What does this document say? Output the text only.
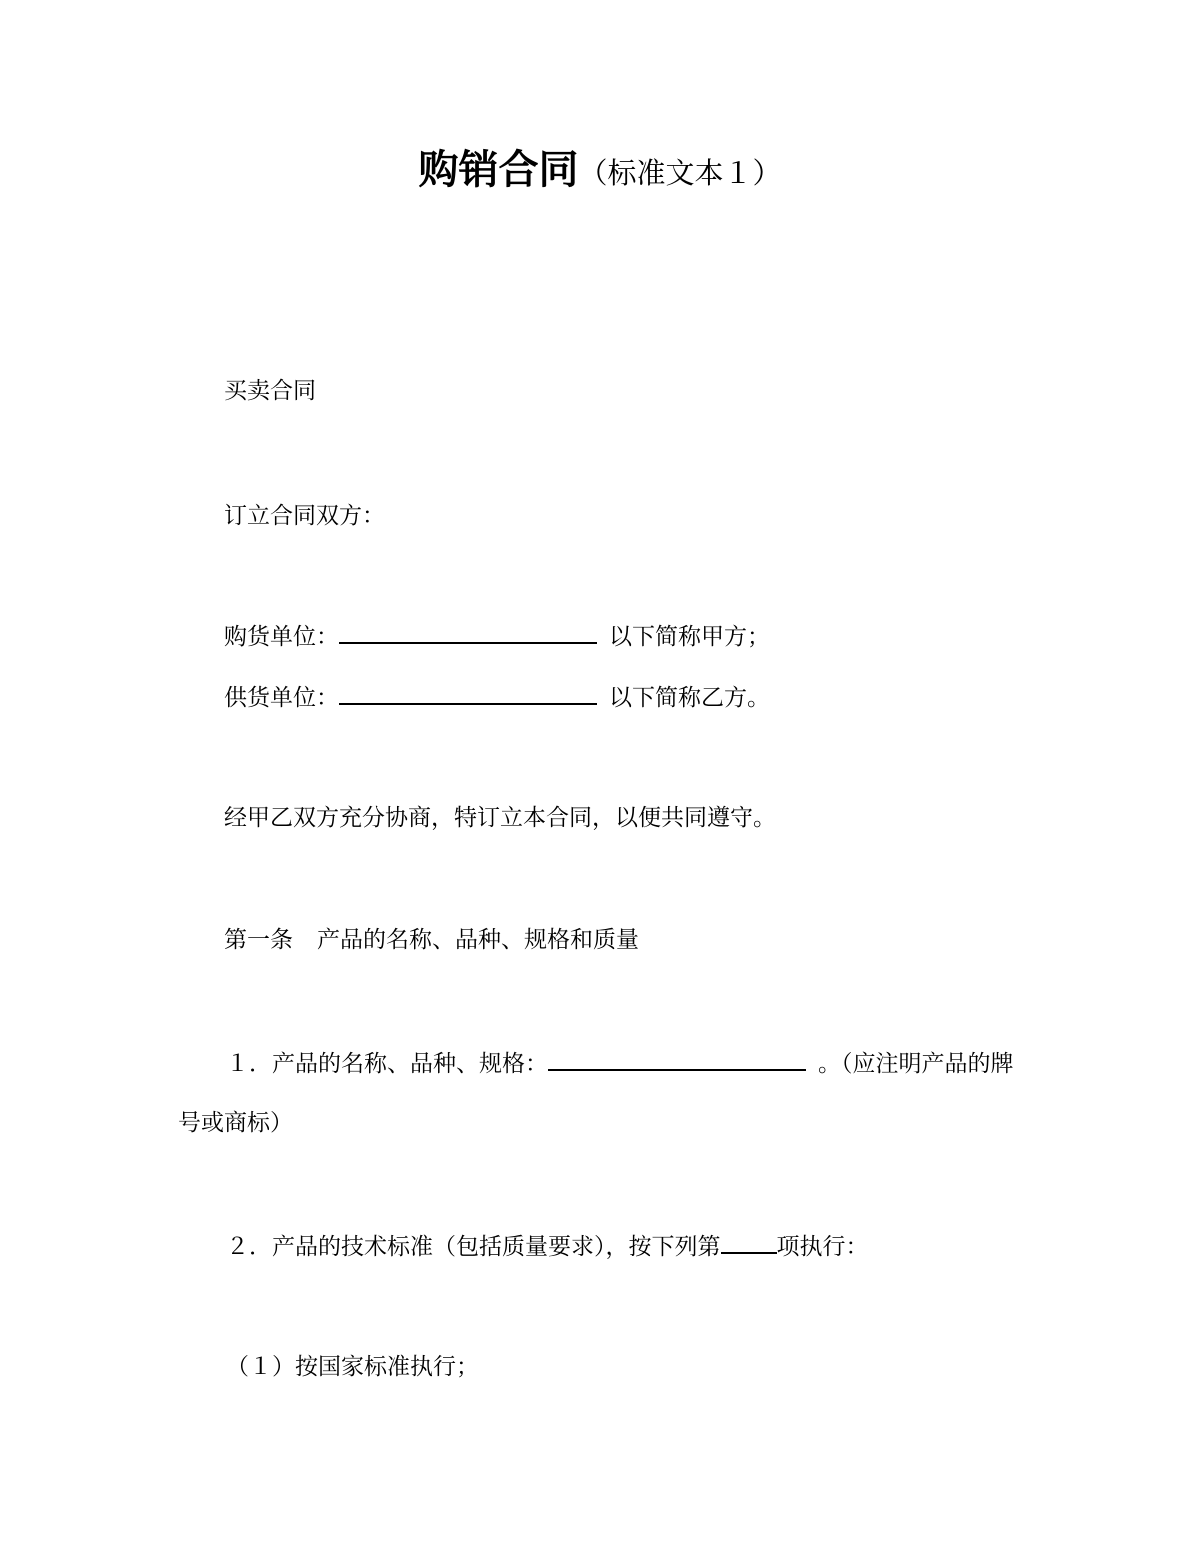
购销合同（标准文本１）
买卖合同
订立合同双方：
购货单位：	以下简称甲方；
供货单位：	以下简称乙方。
经甲乙双方充分协商，特订立本合同，以便共同遵守。
第一条 产品的名称、品种、规格和质量
１．产品的名称、品种、规格：	。（应注明产品的牌
号或商标）
２．产品的技术标准（包括质量要求），按下列第 项执行：
（１）按国家标准执行；
